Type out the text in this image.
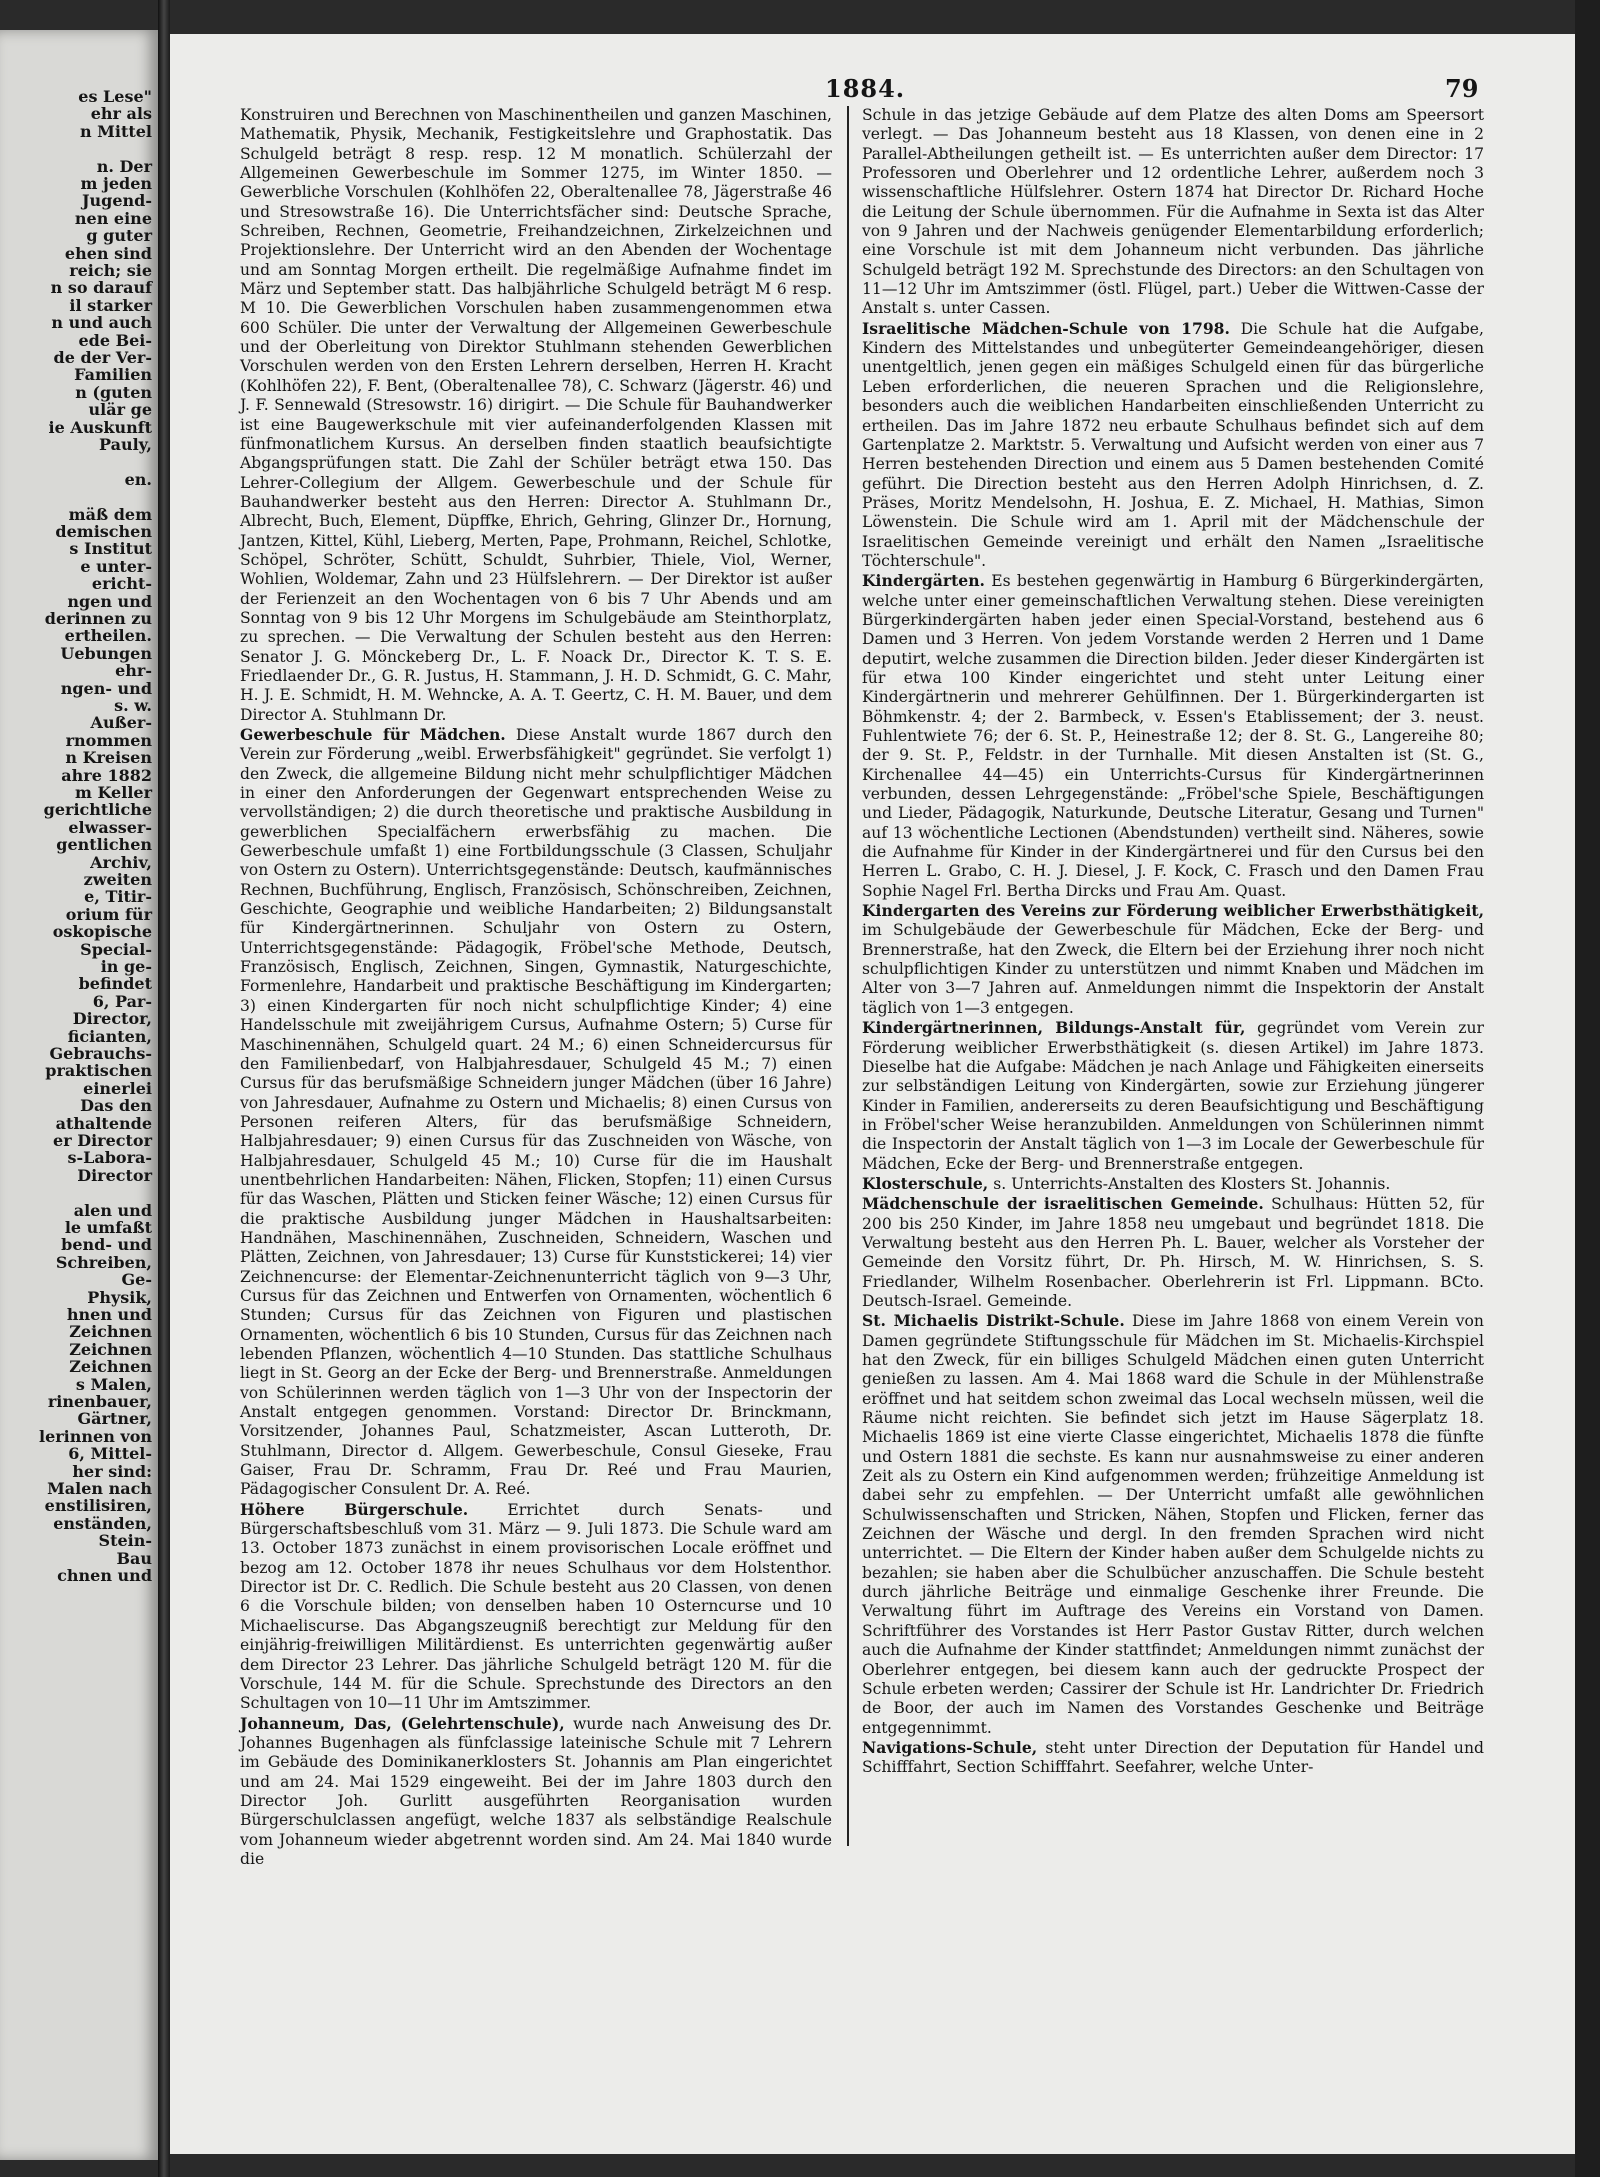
es Lese"
ehr als
n Mittel
n. Der
m jeden
Jugend-
nen eine
g guter
ehen sind
reich; sie
n so darauf
il starker
n und auch
ede Bei-
de der Ver-
Familien
n (guten
ulär ge
ie Auskunft
Pauly,
en.
mäß dem
demischen
s Institut
e unter-
ericht-
ngen und
derinnen zu
ertheilen.
Uebungen
ehr-
ngen- und
s. w.
Außer-
rnommen
n Kreisen
ahre 1882
m Keller
gerichtliche
elwasser-
gentlichen
Archiv,
zweiten
e, Titir-
orium für
oskopische
Special-
in ge-
befindet
6, Par-
Director,
ficianten,
Gebrauchs-
praktischen
einerlei
Das den
athaltende
er Director
s-Labora-
Director
alen und
le umfaßt
bend- und
Schreiben,
Ge-
Physik,
hnen und
Zeichnen
Zeichnen
Zeichnen
s Malen,
rinenbauer,
Gärtner,
lerinnen von
6, Mittel-
her sind:
Malen nach
enstilisiren,
enständen,
Stein-
Bau
chnen und
1884.	79

Konstruiren und Berechnen von Maschinentheilen und ganzen Maschinen, Mathematik, Physik, Mechanik, Festigkeitslehre und Graphostatik. Das Schulgeld beträgt 8 resp. resp. 12 M monatlich. Schülerzahl der Allgemeinen Gewerbeschule im Sommer 1275, im Winter 1850. — Gewerbliche Vorschulen (Kohlhöfen 22, Oberaltenallee 78, Jägerstraße 46 und Stresowstraße 16). Die Unterrichtsfächer sind: Deutsche Sprache, Schreiben, Rechnen, Geometrie, Freihandzeichnen, Zirkelzeichnen und Projektionslehre. Der Unterricht wird an den Abenden der Wochentage und am Sonntag Morgen ertheilt. Die regelmäßige Aufnahme findet im März und September statt. Das halbjährliche Schulgeld beträgt M 6 resp. M 10. Die Gewerblichen Vorschulen haben zusammengenommen etwa 600 Schüler. Die unter der Verwaltung der Allgemeinen Gewerbeschule und der Oberleitung von Direktor Stuhlmann stehenden Gewerblichen Vorschulen werden von den Ersten Lehrern derselben, Herren H. Kracht (Kohlhöfen 22), F. Bent, (Oberaltenallee 78), C. Schwarz (Jägerstr. 46) und J. F. Sennewald (Stresowstr. 16) dirigirt. — Die Schule für Bauhandwerker ist eine Baugewerkschule mit vier aufeinanderfolgenden Klassen mit fünfmonatlichem Kursus. An derselben finden staatlich beaufsichtigte Abgangsprüfungen statt. Die Zahl der Schüler beträgt etwa 150. Das Lehrer-Collegium der Allgem. Gewerbeschule und der Schule für Bauhandwerker besteht aus den Herren: Director A. Stuhlmann Dr., Albrecht, Buch, Element, Düpffke, Ehrich, Gehring, Glinzer Dr., Hornung, Jantzen, Kittel, Kühl, Lieberg, Merten, Pape, Prohmann, Reichel, Schlotke, Schöpel, Schröter, Schütt, Schuldt, Suhrbier, Thiele, Viol, Werner, Wohlien, Woldemar, Zahn und 23 Hülfslehrern. — Der Direktor ist außer der Ferienzeit an den Wochentagen von 6 bis 7 Uhr Abends und am Sonntag von 9 bis 12 Uhr Morgens im Schulgebäude am Steinthorplatz, zu sprechen. — Die Verwaltung der Schulen besteht aus den Herren: Senator J. G. Mönckeberg Dr., L. F. Noack Dr., Director K. T. S. E. Friedlaender Dr., G. R. Justus, H. Stammann, J. H. D. Schmidt, G. C. Mahr, H. J. E. Schmidt, H. M. Wehncke, A. A. T. Geertz, C. H. M. Bauer, und dem Director A. Stuhlmann Dr.

Gewerbeschule für Mädchen. Diese Anstalt wurde 1867 durch den Verein zur Förderung „weibl. Erwerbsfähigkeit" gegründet. Sie verfolgt 1) den Zweck, die allgemeine Bildung nicht mehr schulpflichtiger Mädchen in einer den Anforderungen der Gegenwart entsprechenden Weise zu vervollständigen; 2) die durch theoretische und praktische Ausbildung in gewerblichen Specialfächern erwerbsfähig zu machen. Die Gewerbeschule umfaßt 1) eine Fortbildungsschule (3 Classen, Schuljahr von Ostern zu Ostern). Unterrichtsgegenstände: Deutsch, kaufmännisches Rechnen, Buchführung, Englisch, Französisch, Schönschreiben, Zeichnen, Geschichte, Geographie und weibliche Handarbeiten; 2) Bildungsanstalt für Kindergärtnerinnen. Schuljahr von Ostern zu Ostern, Unterrichtsgegenstände: Pädagogik, Fröbel'sche Methode, Deutsch, Französisch, Englisch, Zeichnen, Singen, Gymnastik, Naturgeschichte, Formenlehre, Handarbeit und praktische Beschäftigung im Kindergarten; 3) einen Kindergarten für noch nicht schulpflichtige Kinder; 4) eine Handelsschule mit zweijährigem Cursus, Aufnahme Ostern; 5) Curse für Maschinennähen, Schulgeld quart. 24 M.; 6) einen Schneidercursus für den Familienbedarf, von Halbjahresdauer, Schulgeld 45 M.; 7) einen Cursus für das berufsmäßige Schneidern junger Mädchen (über 16 Jahre) von Jahresdauer, Aufnahme zu Ostern und Michaelis; 8) einen Cursus von Personen reiferen Alters, für das berufsmäßige Schneidern, Halbjahresdauer; 9) einen Cursus für das Zuschneiden von Wäsche, von Halbjahresdauer, Schulgeld 45 M.; 10) Curse für die im Haushalt unentbehrlichen Handarbeiten: Nähen, Flicken, Stopfen; 11) einen Cursus für das Waschen, Plätten und Sticken feiner Wäsche; 12) einen Cursus für die praktische Ausbildung junger Mädchen in Haushaltsarbeiten: Handnähen, Maschinennähen, Zuschneiden, Schneidern, Waschen und Plätten, Zeichnen, von Jahresdauer; 13) Curse für Kunststickerei; 14) vier Zeichnencurse: der Elementar-Zeichnenunterricht täglich von 9—3 Uhr, Cursus für das Zeichnen und Entwerfen von Ornamenten, wöchentlich 6 Stunden; Cursus für das Zeichnen von Figuren und plastischen Ornamenten, wöchentlich 6 bis 10 Stunden, Cursus für das Zeichnen nach lebenden Pflanzen, wöchentlich 4—10 Stunden. Das stattliche Schulhaus liegt in St. Georg an der Ecke der Berg- und Brennerstraße. Anmeldungen von Schülerinnen werden täglich von 1—3 Uhr von der Inspectorin der Anstalt entgegen genommen. Vorstand: Director Dr. Brinckmann, Vorsitzender, Johannes Paul, Schatzmeister, Ascan Lutteroth, Dr. Stuhlmann, Director d. Allgem. Gewerbeschule, Consul Gieseke, Frau Gaiser, Frau Dr. Schramm, Frau Dr. Reé und Frau Maurien, Pädagogischer Consulent Dr. A. Reé.

Höhere Bürgerschule. Errichtet durch Senats- und Bürgerschaftsbeschluß vom 31. März — 9. Juli 1873. Die Schule ward am 13. October 1873 zunächst in einem provisorischen Locale eröffnet und bezog am 12. October 1878 ihr neues Schulhaus vor dem Holstenthor. Director ist Dr. C. Redlich. Die Schule besteht aus 20 Classen, von denen 6 die Vorschule bilden; von denselben haben 10 Osterncurse und 10 Michaeliscurse. Das Abgangszeugniß berechtigt zur Meldung für den einjährig-freiwilligen Militärdienst. Es unterrichten gegenwärtig außer dem Director 23 Lehrer. Das jährliche Schulgeld beträgt 120 M. für die Vorschule, 144 M. für die Schule. Sprechstunde des Directors an den Schultagen von 10—11 Uhr im Amtszimmer.

Johanneum, Das, (Gelehrtenschule), wurde nach Anweisung des Dr. Johannes Bugenhagen als fünfclassige lateinische Schule mit 7 Lehrern im Gebäude des Dominikanerklosters St. Johannis am Plan eingerichtet und am 24. Mai 1529 eingeweiht. Bei der im Jahre 1803 durch den Director Joh. Gurlitt ausgeführten Reorganisation wurden Bürgerschulclassen angefügt, welche 1837 als selbständige Realschule vom Johanneum wieder abgetrennt worden sind. Am 24. Mai 1840 wurde die

Schule in das jetzige Gebäude auf dem Platze des alten Doms am Speersort verlegt. — Das Johanneum besteht aus 18 Klassen, von denen eine in 2 Parallel-Abtheilungen getheilt ist. — Es unterrichten außer dem Director: 17 Professoren und Oberlehrer und 12 ordentliche Lehrer, außerdem noch 3 wissenschaftliche Hülfslehrer. Ostern 1874 hat Director Dr. Richard Hoche die Leitung der Schule übernommen. Für die Aufnahme in Sexta ist das Alter von 9 Jahren und der Nachweis genügender Elementarbildung erforderlich; eine Vorschule ist mit dem Johanneum nicht verbunden. Das jährliche Schulgeld beträgt 192 M. Sprechstunde des Directors: an den Schultagen von 11—12 Uhr im Amtszimmer (östl. Flügel, part.) Ueber die Wittwen-Casse der Anstalt s. unter Cassen.

Israelitische Mädchen-Schule von 1798. Die Schule hat die Aufgabe, Kindern des Mittelstandes und unbegüterter Gemeindeangehöriger, diesen unentgeltlich, jenen gegen ein mäßiges Schulgeld einen für das bürgerliche Leben erforderlichen, die neueren Sprachen und die Religionslehre, besonders auch die weiblichen Handarbeiten einschließenden Unterricht zu ertheilen. Das im Jahre 1872 neu erbaute Schulhaus befindet sich auf dem Gartenplatze 2. Marktstr. 5. Verwaltung und Aufsicht werden von einer aus 7 Herren bestehenden Direction und einem aus 5 Damen bestehenden Comité geführt. Die Direction besteht aus den Herren Adolph Hinrichsen, d. Z. Präses, Moritz Mendelsohn, H. Joshua, E. Z. Michael, H. Mathias, Simon Löwenstein. Die Schule wird am 1. April mit der Mädchenschule der Israelitischen Gemeinde vereinigt und erhält den Namen „Israelitische Töchterschule".

Kindergärten. Es bestehen gegenwärtig in Hamburg 6 Bürgerkindergärten, welche unter einer gemeinschaftlichen Verwaltung stehen. Diese vereinigten Bürgerkindergärten haben jeder einen Special-Vorstand, bestehend aus 6 Damen und 3 Herren. Von jedem Vorstande werden 2 Herren und 1 Dame deputirt, welche zusammen die Direction bilden. Jeder dieser Kindergärten ist für etwa 100 Kinder eingerichtet und steht unter Leitung einer Kindergärtnerin und mehrerer Gehülfinnen. Der 1. Bürgerkindergarten ist Böhmkenstr. 4; der 2. Barmbeck, v. Essen's Etablissement; der 3. neust. Fuhlentwiete 76; der 6. St. P., Heinestraße 12; der 8. St. G., Langereihe 80; der 9. St. P., Feldstr. in der Turnhalle. Mit diesen Anstalten ist (St. G., Kirchenallee 44—45) ein Unterrichts-Cursus für Kindergärtnerinnen verbunden, dessen Lehrgegenstände: „Fröbel'sche Spiele, Beschäftigungen und Lieder, Pädagogik, Naturkunde, Deutsche Literatur, Gesang und Turnen" auf 13 wöchentliche Lectionen (Abendstunden) vertheilt sind. Näheres, sowie die Aufnahme für Kinder in der Kindergärtnerei und für den Cursus bei den Herren L. Grabo, C. H. J. Diesel, J. F. Kock, C. Frasch und den Damen Frau Sophie Nagel Frl. Bertha Dircks und Frau Am. Quast.

Kindergarten des Vereins zur Förderung weiblicher Erwerbsthätigkeit, im Schulgebäude der Gewerbeschule für Mädchen, Ecke der Berg- und Brennerstraße, hat den Zweck, die Eltern bei der Erziehung ihrer noch nicht schulpflichtigen Kinder zu unterstützen und nimmt Knaben und Mädchen im Alter von 3—7 Jahren auf. Anmeldungen nimmt die Inspektorin der Anstalt täglich von 1—3 entgegen.

Kindergärtnerinnen, Bildungs-Anstalt für, gegründet vom Verein zur Förderung weiblicher Erwerbsthätigkeit (s. diesen Artikel) im Jahre 1873. Dieselbe hat die Aufgabe: Mädchen je nach Anlage und Fähigkeiten einerseits zur selbständigen Leitung von Kindergärten, sowie zur Erziehung jüngerer Kinder in Familien, andererseits zu deren Beaufsichtigung und Beschäftigung in Fröbel'scher Weise heranzubilden. Anmeldungen von Schülerinnen nimmt die Inspectorin der Anstalt täglich von 1—3 im Locale der Gewerbeschule für Mädchen, Ecke der Berg- und Brennerstraße entgegen.

Klosterschule, s. Unterrichts-Anstalten des Klosters St. Johannis.

Mädchenschule der israelitischen Gemeinde. Schulhaus: Hütten 52, für 200 bis 250 Kinder, im Jahre 1858 neu umgebaut und begründet 1818. Die Verwaltung besteht aus den Herren Ph. L. Bauer, welcher als Vorsteher der Gemeinde den Vorsitz führt, Dr. Ph. Hirsch, M. W. Hinrichsen, S. S. Friedlander, Wilhelm Rosenbacher. Oberlehrerin ist Frl. Lippmann. BCto. Deutsch-Israel. Gemeinde.

St. Michaelis Distrikt-Schule. Diese im Jahre 1868 von einem Verein von Damen gegründete Stiftungsschule für Mädchen im St. Michaelis-Kirchspiel hat den Zweck, für ein billiges Schulgeld Mädchen einen guten Unterricht genießen zu lassen. Am 4. Mai 1868 ward die Schule in der Mühlenstraße eröffnet und hat seitdem schon zweimal das Local wechseln müssen, weil die Räume nicht reichten. Sie befindet sich jetzt im Hause Sägerplatz 18. Michaelis 1869 ist eine vierte Classe eingerichtet, Michaelis 1878 die fünfte und Ostern 1881 die sechste. Es kann nur ausnahmsweise zu einer anderen Zeit als zu Ostern ein Kind aufgenommen werden; frühzeitige Anmeldung ist dabei sehr zu empfehlen. — Der Unterricht umfaßt alle gewöhnlichen Schulwissenschaften und Stricken, Nähen, Stopfen und Flicken, ferner das Zeichnen der Wäsche und dergl. In den fremden Sprachen wird nicht unterrichtet. — Die Eltern der Kinder haben außer dem Schulgelde nichts zu bezahlen; sie haben aber die Schulbücher anzuschaffen. Die Schule besteht durch jährliche Beiträge und einmalige Geschenke ihrer Freunde. Die Verwaltung führt im Auftrage des Vereins ein Vorstand von Damen. Schriftführer des Vorstandes ist Herr Pastor Gustav Ritter, durch welchen auch die Aufnahme der Kinder stattfindet; Anmeldungen nimmt zunächst der Oberlehrer entgegen, bei diesem kann auch der gedruckte Prospect der Schule erbeten werden; Cassirer der Schule ist Hr. Landrichter Dr. Friedrich de Boor, der auch im Namen des Vorstandes Geschenke und Beiträge entgegennimmt.

Navigations-Schule, steht unter Direction der Deputation für Handel und Schifffahrt, Section Schifffahrt. Seefahrer, welche Unter-
